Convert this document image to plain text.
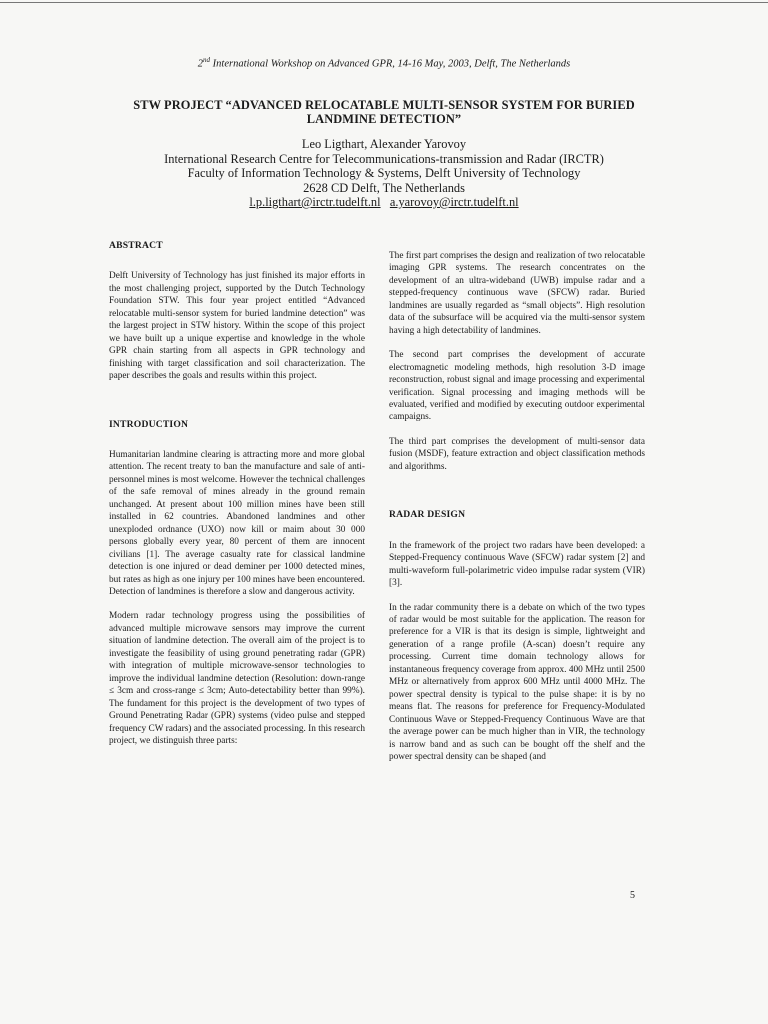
2nd International Workshop on Advanced GPR, 14-16 May, 2003, Delft, The Netherlands
STW PROJECT “ADVANCED RELOCATABLE MULTI-SENSOR SYSTEM FOR BURIED
LANDMINE DETECTION”
Leo Ligthart, Alexander Yarovoy
International Research Centre for Telecommunications-transmission and Radar (IRCTR)
Faculty of Information Technology & Systems, Delft University of Technology
2628 CD Delft, The Netherlands
l.p.ligthart@irctr.tudelft.nl a.yarovoy@irctr.tudelft.nl
ABSTRACT

Delft University of Technology has just finished its major efforts in the most challenging project, supported by the Dutch Technology Foundation STW. This four year project entitled “Advanced relocatable multi-sensor system for buried landmine detection” was the largest project in STW history. Within the scope of this project we have built up a unique expertise and knowledge in the whole GPR chain starting from all aspects in GPR technology and finishing with target classification and soil characterization. The paper describes the goals and results within this project.

INTRODUCTION

Humanitarian landmine clearing is attracting more and more global attention. The recent treaty to ban the manufacture and sale of anti-personnel mines is most welcome. However the technical challenges of the safe removal of mines already in the ground remain unchanged. At present about 100 million mines have been still installed in 62 countries. Abandoned landmines and other unexploded ordnance (UXO) now kill or maim about 30 000 persons globally every year, 80 percent of them are innocent civilians [1]. The average casualty rate for classical landmine detection is one injured or dead deminer per 1000 detected mines, but rates as high as one injury per 100 mines have been encountered. Detection of landmines is therefore a slow and dangerous activity.

Modern radar technology progress using the possibilities of advanced multiple microwave sensors may improve the current situation of landmine detection. The overall aim of the project is to investigate the feasibility of using ground penetrating radar (GPR) with integration of multiple microwave-sensor technologies to improve the individual landmine detection (Resolution: down-range ≤ 3cm and cross-range ≤ 3cm; Auto-detectability better than 99%). The fundament for this project is the development of two types of Ground Penetrating Radar (GPR) systems (video pulse and stepped frequency CW radars) and the associated processing. In this research project, we distinguish three parts:

The first part comprises the design and realization of two relocatable imaging GPR systems. The research concentrates on the development of an ultra-wideband (UWB) impulse radar and a stepped-frequency continuous wave (SFCW) radar. Buried landmines are usually regarded as “small objects”. High resolution data of the subsurface will be acquired via the multi-sensor system having a high detectability of landmines.

The second part comprises the development of accurate electromagnetic modeling methods, high resolution 3-D image reconstruction, robust signal and image processing and experimental verification. Signal processing and imaging methods will be evaluated, verified and modified by executing outdoor experimental campaigns.

The third part comprises the development of multi-sensor data fusion (MSDF), feature extraction and object classification methods and algorithms.

RADAR DESIGN

In the framework of the project two radars have been developed: a Stepped-Frequency continuous Wave (SFCW) radar system [2] and multi-waveform full-polarimetric video impulse radar system (VIR) [3].

In the radar community there is a debate on which of the two types of radar would be most suitable for the application. The reason for preference for a VIR is that its design is simple, lightweight and generation of a range profile (A-scan) doesn’t require any processing. Current time domain technology allows for instantaneous frequency coverage from approx. 400 MHz until 2500 MHz or alternatively from approx 600 MHz until 4000 MHz. The power spectral density is typical to the pulse shape: it is by no means flat. The reasons for preference for Frequency-Modulated Continuous Wave or Stepped-Frequency Continuous Wave are that the average power can be much higher than in VIR, the technology is narrow band and as such can be bought off the shelf and the power spectral density can be shaped (and

5
